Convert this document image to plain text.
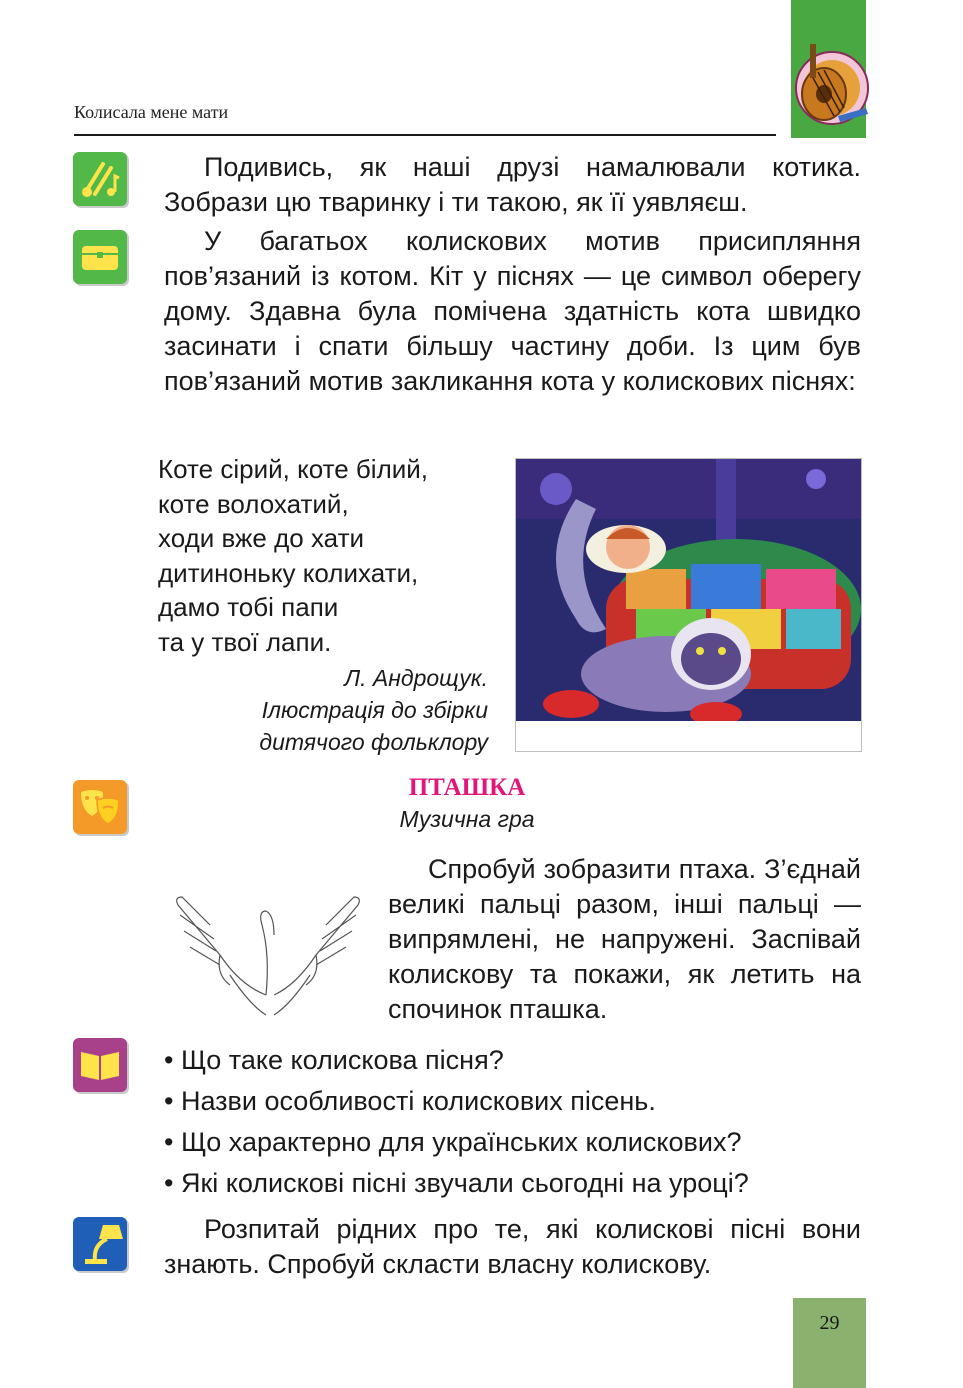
Колисала мене мати

Подивись, як наші друзі намалювали котика. Зобрази цю тваринку і ти такою, як її уявляєш.

У багатьох колискових мотив присипляння пов’язаний із котом. Кіт у піснях — це символ оберегу дому. Здавна була помічена здатність кота швидко засинати і спати більшу частину доби. Із цим був пов’язаний мотив закликання кота у колискових піснях:

Коте сірий, коте білий,
коте волохатий,
ходи вже до хати
дитиноньку колихати,
дамо тобі папи
та у твої лапи.
Л. Андрощук.
Ілюстрація до збірки
дитячого фольклору
ПТАШКА
Музична гра

Спробуй зобразити птаха. З’єднай великі пальці разом, інші пальці — випрямлені, не напружені. Заспівай колискову та покажи, як летить на спочинок пташка.

• Що таке колискова пісня?
• Назви особливості колискових пісень.
• Що характерно для українських колискових?
• Які колискові пісні звучали сьогодні на уроці?

Розпитай рідних про те, які колискові пісні вони знають. Спробуй скласти власну колискову.

29
